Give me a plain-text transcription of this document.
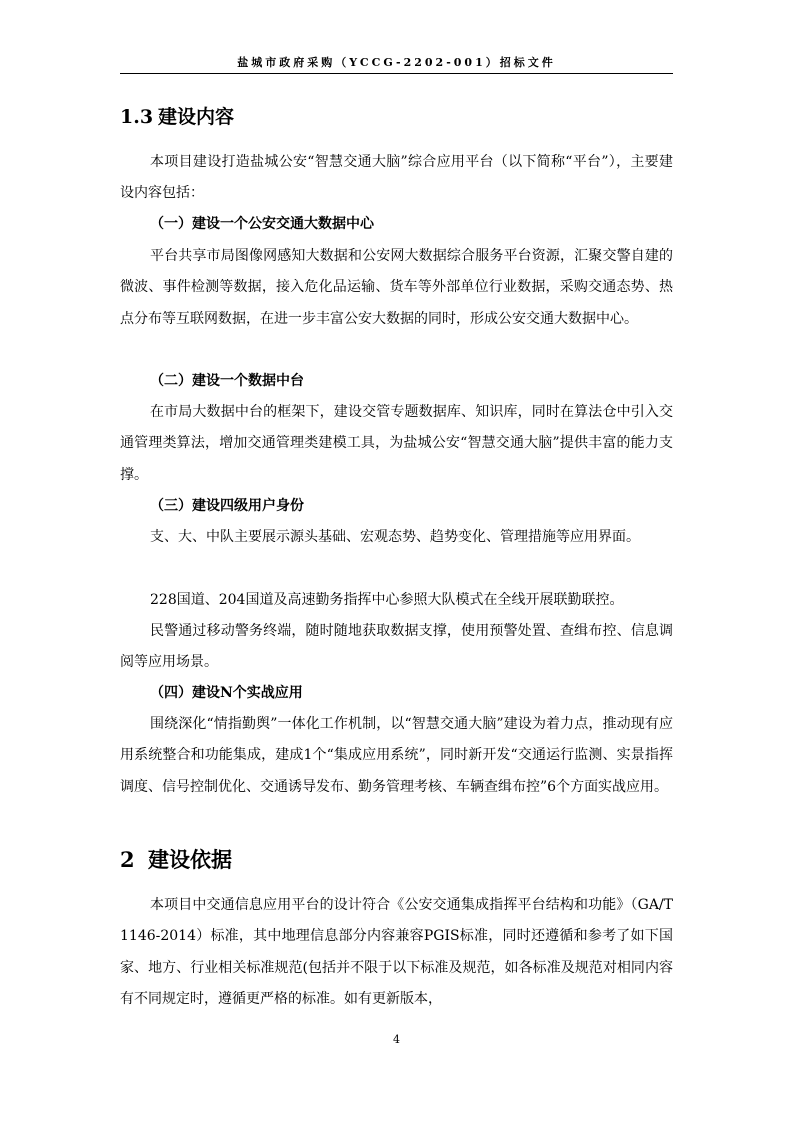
盐城市政府采购（YCCG-2202-001）招标文件
1.3 建设内容
本项目建设打造盐城公安“智慧交通大脑”综合应用平台（以下简称“平台”），主要建设内容包括：
（一）建设一个公安交通大数据中心
平台共享市局图像网感知大数据和公安网大数据综合服务平台资源，汇聚交警自建的微波、事件检测等数据，接入危化品运输、货车等外部单位行业数据，采购交通态势、热点分布等互联网数据，在进一步丰富公安大数据的同时，形成公安交通大数据中心。
（二）建设一个数据中台
在市局大数据中台的框架下，建设交管专题数据库、知识库，同时在算法仓中引入交通管理类算法，增加交通管理类建模工具，为盐城公安“智慧交通大脑”提供丰富的能力支撑。
（三）建设四级用户身份
支、大、中队主要展示源头基础、宏观态势、趋势变化、管理措施等应用界面。
228国道、204国道及高速勤务指挥中心参照大队模式在全线开展联勤联控。
民警通过移动警务终端，随时随地获取数据支撑，使用预警处置、查缉布控、信息调阅等应用场景。
（四）建设N个实战应用
围绕深化“情指勤舆”一体化工作机制，以“智慧交通大脑”建设为着力点，推动现有应用系统整合和功能集成，建成1个“集成应用系统”，同时新开发“交通运行监测、实景指挥调度、信号控制优化、交通诱导发布、勤务管理考核、车辆查缉布控”6个方面实战应用。
2 建设依据
本项目中交通信息应用平台的设计符合《公安交通集成指挥平台结构和功能》（GA/T 1146-2014）标准，其中地理信息部分内容兼容PGIS标准，同时还遵循和参考了如下国家、地方、行业相关标准规范(包括并不限于以下标准及规范，如各标准及规范对相同内容有不同规定时，遵循更严格的标准。如有更新版本，
4
